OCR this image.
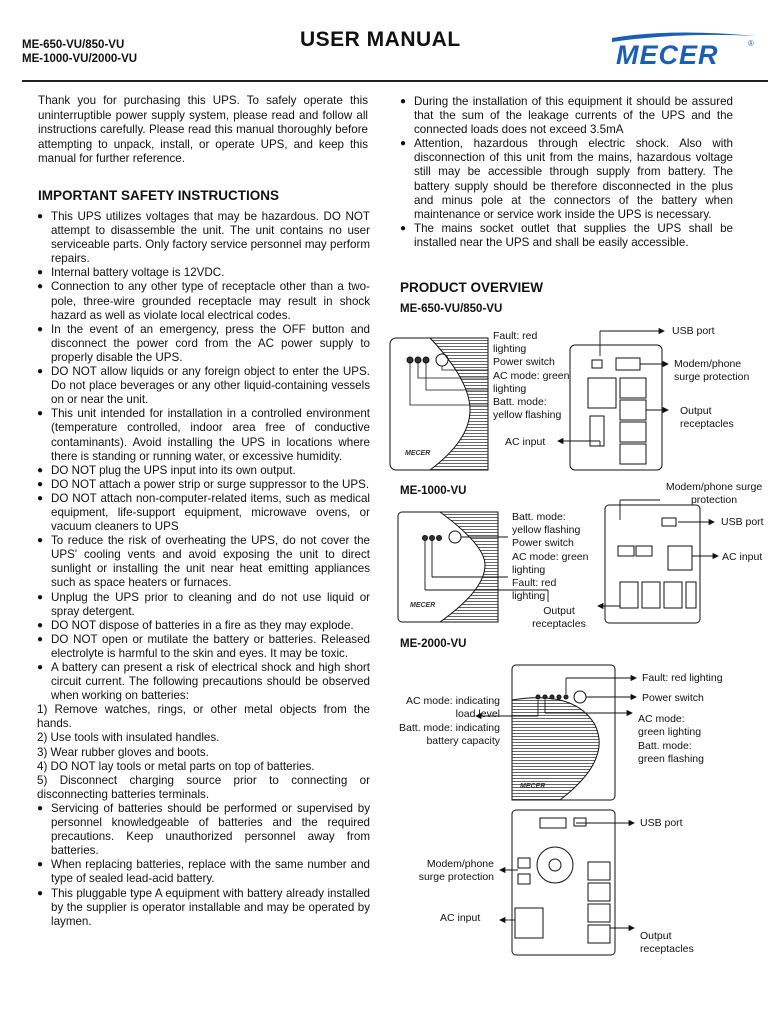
ME-650-VU/850-VU
ME-1000-VU/2000-VU
USER MANUAL
MECER	®
Thank you for purchasing this UPS. To safely operate this uninterruptible power supply system, please read and follow all instructions carefully. Please read this manual thoroughly before attempting to unpack, install, or operate UPS, and keep this manual for further reference.
IMPORTANT SAFETY INSTRUCTIONS
● This UPS utilizes voltages that may be hazardous. DO NOT attempt to disassemble the unit. The unit contains no user serviceable parts. Only factory service personnel may perform repairs.
● Internal battery voltage is 12VDC.
● Connection to any other type of receptacle other than a two-pole, three-wire grounded receptacle may result in shock hazard as well as violate local electrical codes.
● In the event of an emergency, press the OFF button and disconnect the power cord from the AC power supply to properly disable the UPS.
● DO NOT allow liquids or any foreign object to enter the UPS. Do not place beverages or any other liquid-containing vessels on or near the unit.
● This unit intended for installation in a controlled environment (temperature controlled, indoor area free of conductive contaminants). Avoid installing the UPS in locations where there is standing or running water, or excessive humidity.
● DO NOT plug the UPS input into its own output.
● DO NOT attach a power strip or surge suppressor to the UPS.
● DO NOT attach non-computer-related items, such as medical equipment, life-support equipment, microwave ovens, or vacuum cleaners to UPS
● To reduce the risk of overheating the UPS, do not cover the UPS' cooling vents and avoid exposing the unit to direct sunlight or installing the unit near heat emitting appliances such as space heaters or furnaces.
● Unplug the UPS prior to cleaning and do not use liquid or spray detergent.
● DO NOT dispose of batteries in a fire as they may explode.
● DO NOT open or mutilate the battery or batteries. Released electrolyte is harmful to the skin and eyes. It may be toxic.
● A battery can present a risk of electrical shock and high short circuit current. The following precautions should be observed when working on batteries:
1) Remove watches, rings, or other metal objects from the hands.
2) Use tools with insulated handles.
3) Wear rubber gloves and boots.
4) DO NOT lay tools or metal parts on top of batteries.
5) Disconnect charging source prior to connecting or disconnecting batteries terminals.
● Servicing of batteries should be performed or supervised by personnel knowledgeable of batteries and the required precautions. Keep unauthorized personnel away from batteries.
● When replacing batteries, replace with the same number and type of sealed lead-acid battery.
● This pluggable type A equipment with battery already installed by the supplier is operator installable and may be operated by laymen.
● During the installation of this equipment it should be assured that the sum of the leakage currents of the UPS and the connected loads does not exceed 3.5mA
● Attention, hazardous through electric shock. Also with disconnection of this unit from the mains, hazardous voltage still may be accessible through supply from battery. The battery supply should be therefore disconnected in the plus and minus pole at the connectors of the battery when maintenance or service work inside the UPS is necessary.
● The mains socket outlet that supplies the UPS shall be installed near the UPS and shall be easily accessible.
PRODUCT OVERVIEW
MECER
MECER
MECER
ME-650-VU/850-VU
Fault: red lighting
Power switch
AC mode: green lighting
Batt. mode: yellow flashing
AC input
USB port
Modem/phone surge protection
Output receptacles
ME-1000-VU
Batt. mode: yellow flashing
Power switch
AC mode: green lighting
Fault: red lighting
Output receptacles
Modem/phone surge protection
USB port
AC input
ME-2000-VU
Fault: red lighting
Power switch
AC mode: indicating load level
Batt. mode: indicating battery capacity
AC mode: green lighting
Batt. mode: green flashing
USB port
Modem/phone surge protection
AC input
Output receptacles
